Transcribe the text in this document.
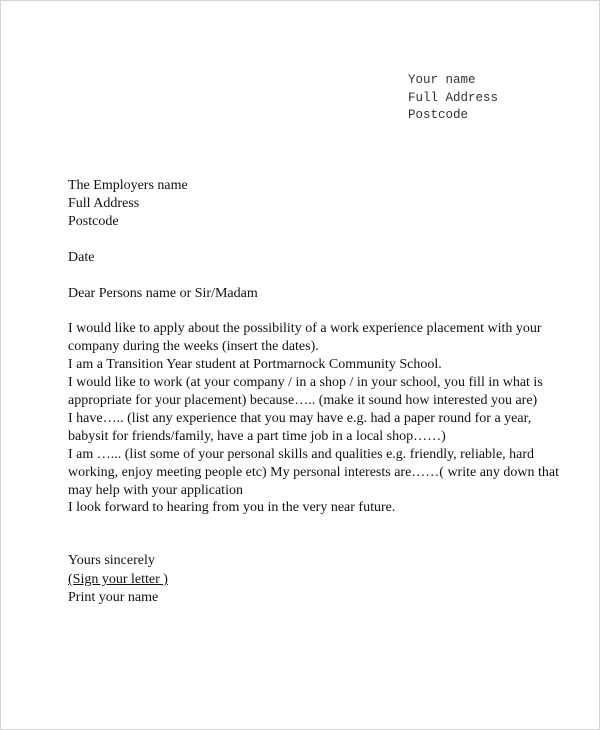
Your name
Full Address
Postcode
The Employers name
Full Address
Postcode
Date
Dear Persons name or Sir/Madam
I would like to apply about the possibility of a work experience placement with your
company during the weeks (insert the dates).
I am a Transition Year student at Portmarnock Community School.
I would like to work (at your company / in a shop / in your school, you fill in what is
appropriate for your placement) because….. (make it sound how interested you are)
I have….. (list any experience that you may have e.g. had a paper round for a year,
babysit for friends/family, have a part time job in a local shop……)
I am …... (list some of your personal skills and qualities e.g. friendly, reliable, hard
working, enjoy meeting people etc) My personal interests are……( write any down that
may help with your application
I look forward to hearing from you in the very near future.
Yours sincerely
(Sign your letter )
Print your name
